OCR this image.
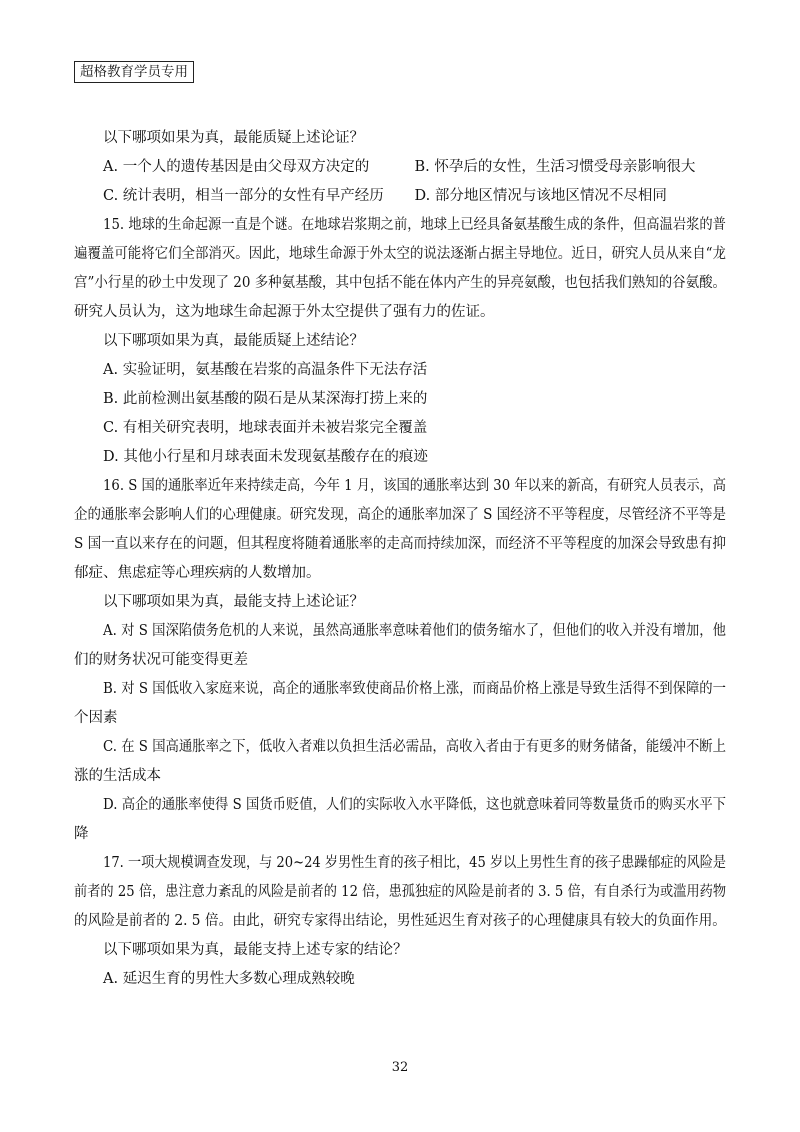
超格教育学员专用

以下哪项如果为真，最能质疑上述论证？

A. 一个人的遗传基因是由父母双方决定的	B. 怀孕后的女性，生活习惯受母亲影响很大
C. 统计表明，相当一部分的女性有早产经历	D. 部分地区情况与该地区情况不尽相同

15. 地球的生命起源一直是个谜。在地球岩浆期之前，地球上已经具备氨基酸生成的条件，但高温岩浆的普

遍覆盖可能将它们全部消灭。因此，地球生命源于外太空的说法逐渐占据主导地位。近日，研究人员从来自“龙

宫”小行星的砂土中发现了 20 多种氨基酸，其中包括不能在体内产生的异亮氨酸，也包括我们熟知的谷氨酸。

研究人员认为，这为地球生命起源于外太空提供了强有力的佐证。

以下哪项如果为真，最能质疑上述结论？

A. 实验证明，氨基酸在岩浆的高温条件下无法存活

B. 此前检测出氨基酸的陨石是从某深海打捞上来的

C. 有相关研究表明，地球表面并未被岩浆完全覆盖

D. 其他小行星和月球表面未发现氨基酸存在的痕迹

16. S 国的通胀率近年来持续走高，今年 1 月，该国的通胀率达到 30 年以来的新高，有研究人员表示，高

企的通胀率会影响人们的心理健康。研究发现，高企的通胀率加深了 S 国经济不平等程度，尽管经济不平等是

S 国一直以来存在的问题，但其程度将随着通胀率的走高而持续加深，而经济不平等程度的加深会导致患有抑

郁症、焦虑症等心理疾病的人数增加。

以下哪项如果为真，最能支持上述论证？

A. 对 S 国深陷债务危机的人来说，虽然高通胀率意味着他们的债务缩水了，但他们的收入并没有增加，他

们的财务状况可能变得更差

B. 对 S 国低收入家庭来说，高企的通胀率致使商品价格上涨，而商品价格上涨是导致生活得不到保障的一

个因素

C. 在 S 国高通胀率之下，低收入者难以负担生活必需品，高收入者由于有更多的财务储备，能缓冲不断上

涨的生活成本

D. 高企的通胀率使得 S 国货币贬值，人们的实际收入水平降低，这也就意味着同等数量货币的购买水平下

降

17. 一项大规模调查发现，与 20~24 岁男性生育的孩子相比，45 岁以上男性生育的孩子患躁郁症的风险是

前者的 25 倍，患注意力紊乱的风险是前者的 12 倍，患孤独症的风险是前者的 3. 5 倍，有自杀行为或滥用药物

的风险是前者的 2. 5 倍。由此，研究专家得出结论，男性延迟生育对孩子的心理健康具有较大的负面作用。

以下哪项如果为真，最能支持上述专家的结论？

A. 延迟生育的男性大多数心理成熟较晚

32
